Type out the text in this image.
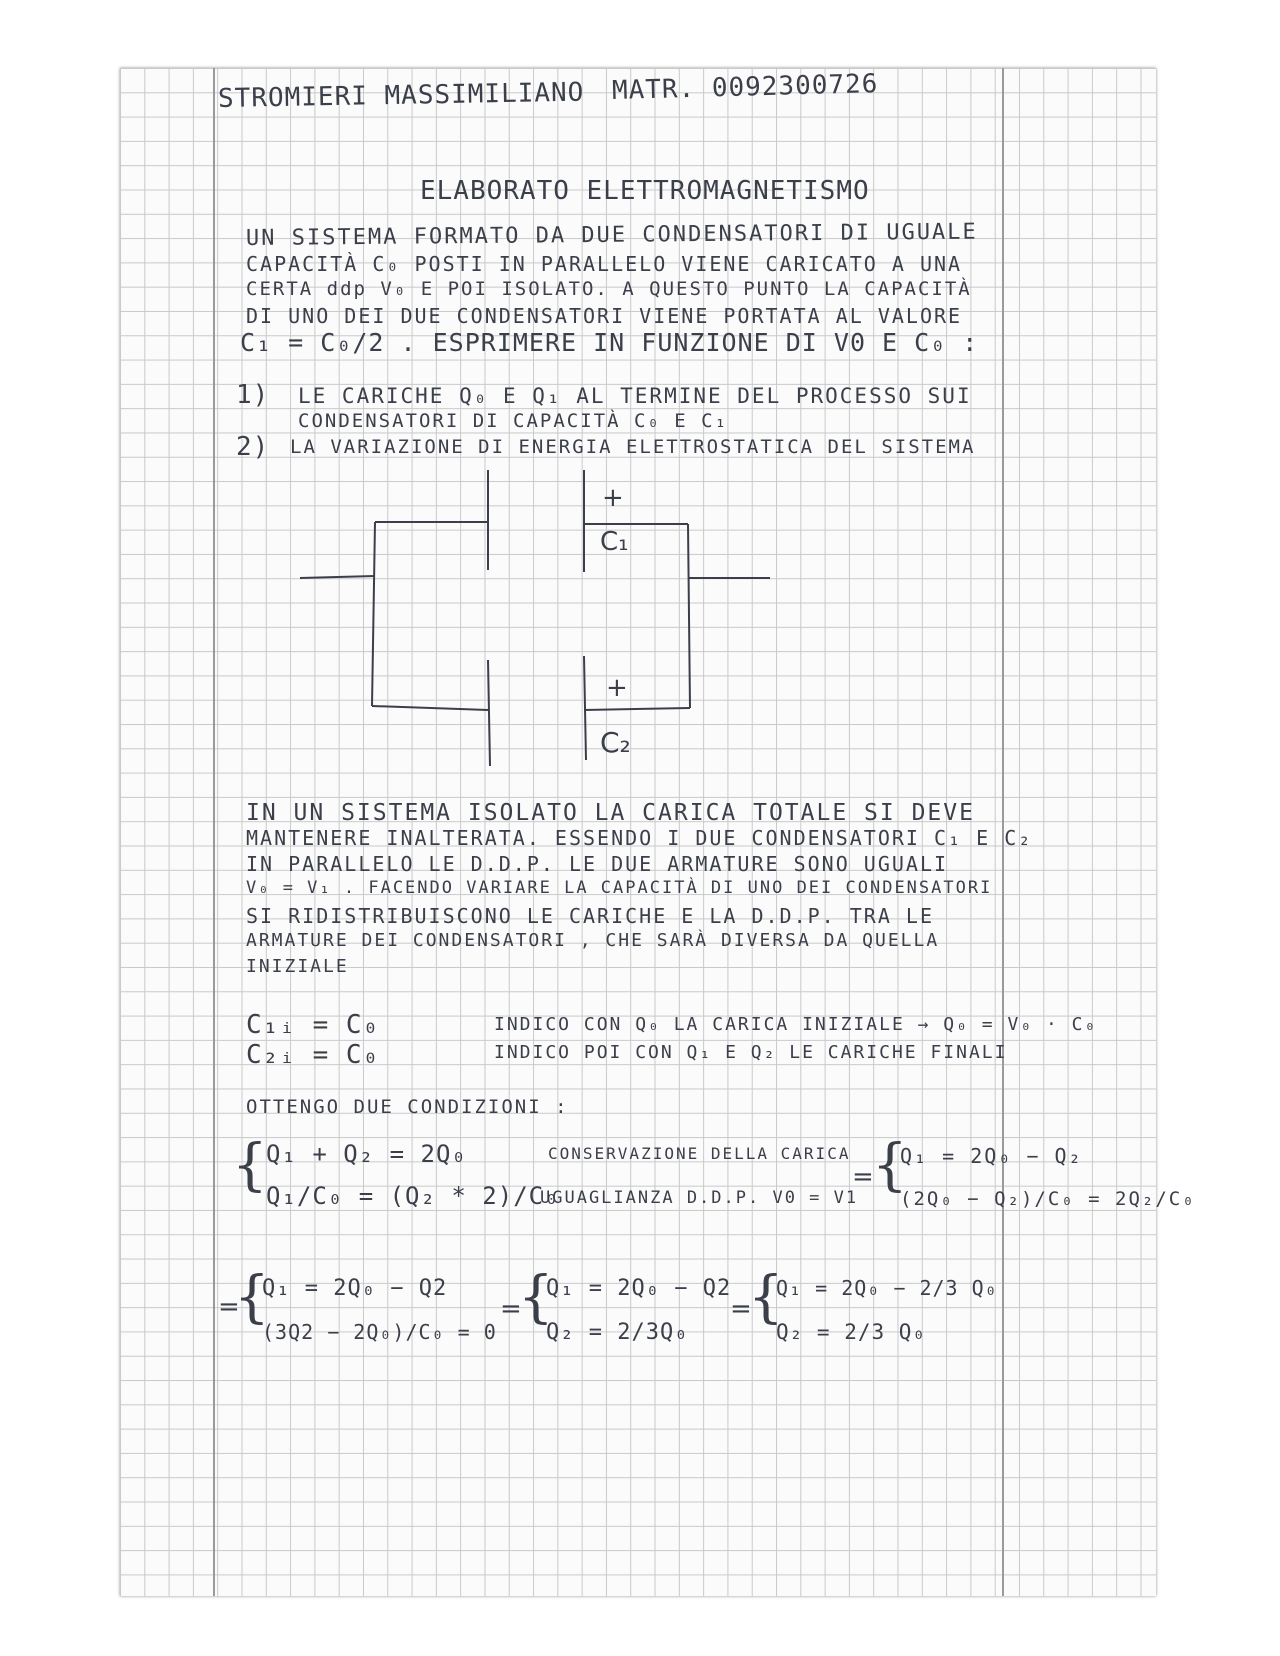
STROMIERI MASSIMILIANO MATR. 0092300726
ELABORATO ELETTROMAGNETISMO
UN SISTEMA FORMATO DA DUE CONDENSATORI DI UGUALE
CAPACITÀ C₀ POSTI IN PARALLELO VIENE CARICATO A UNA
CERTA ddp V₀ E POI ISOLATO. A QUESTO PUNTO LA CAPACITÀ
DI UNO DEI DUE CONDENSATORI VIENE PORTATA AL VALORE
C₁ = C₀/2 . ESPRIMERE IN FUNZIONE DI V0 E C₀ :
1) LE CARICHE Q₀ E Q₁ AL TERMINE DEL PROCESSO SUI
CONDENSATORI DI CAPACITÀ C₀ E C₁
2) LA VARIAZIONE DI ENERGIA ELETTROSTATICA DEL SISTEMA
+
C₁
+
C₂
IN UN SISTEMA ISOLATO LA CARICA TOTALE SI DEVE
MANTENERE INALTERATA. ESSENDO I DUE CONDENSATORI C₁ E C₂
IN PARALLELO LE D.D.P. LE DUE ARMATURE SONO UGUALI
V₀ = V₁ . FACENDO VARIARE LA CAPACITÀ DI UNO DEI CONDENSATORI
SI RIDISTRIBUISCONO LE CARICHE E LA D.D.P. TRA LE
ARMATURE DEI CONDENSATORI , CHE SARÀ DIVERSA DA QUELLA
INIZIALE
C₁ᵢ = C₀
C₂ᵢ = C₀
INDICO CON Q₀ LA CARICA INIZIALE → Q₀ = V₀ · C₀
INDICO POI CON Q₁ E Q₂ LE CARICHE FINALI
OTTENGO DUE CONDIZIONI :
{
Q₁ + Q₂ = 2Q₀
Q₁/C₀ = (Q₂ * 2)/C₀
CONSERVAZIONE DELLA CARICA
UGUAGLIANZA D.D.P. V0 = V1
=
{
Q₁ = 2Q₀ − Q₂
(2Q₀ − Q₂)/C₀ = 2Q₂/C₀
=
{
Q₁ = 2Q₀ − Q2
(3Q2 − 2Q₀)/C₀ = 0
=
{
Q₁ = 2Q₀ − Q2
Q₂ = 2/3Q₀
=
{
Q₁ = 2Q₀ − 2/3 Q₀
Q₂ = 2/3 Q₀
